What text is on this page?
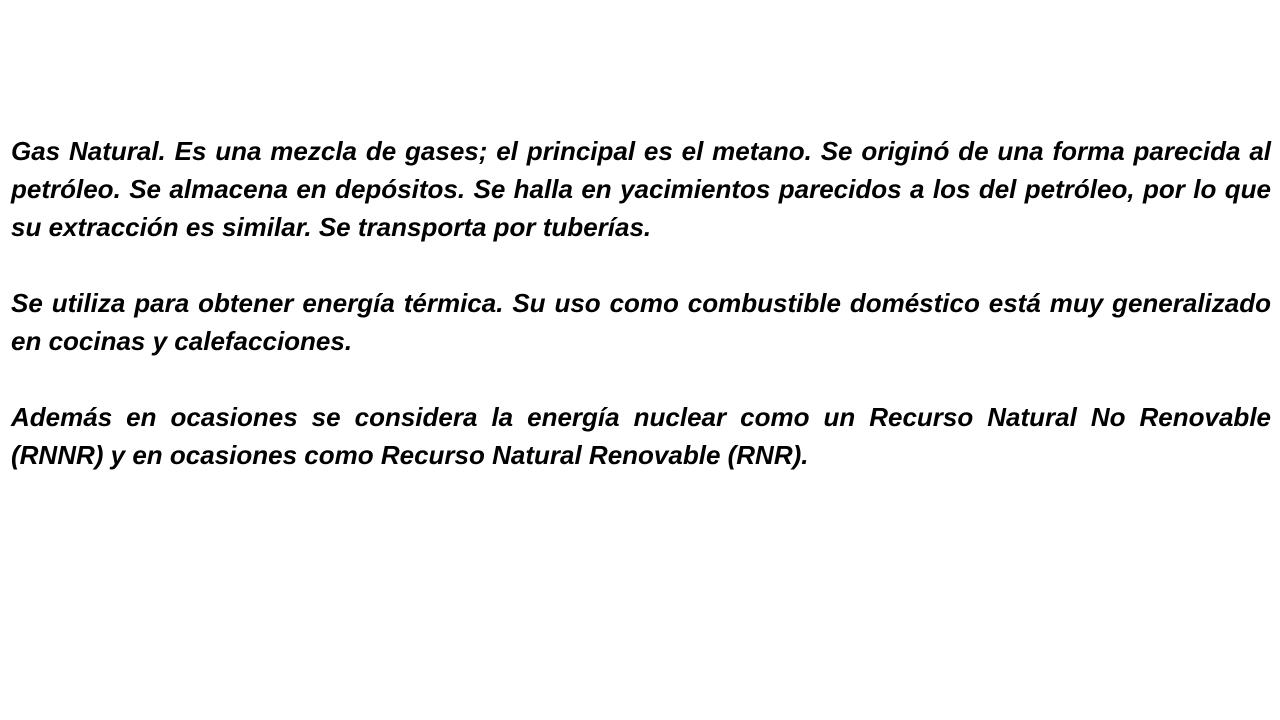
Gas Natural. Es una mezcla de gases; el principal es el metano. Se originó de una forma parecida al petróleo. Se almacena en depósitos. Se halla en yacimientos parecidos a los del petróleo, por lo que su extracción es similar. Se transporta por tuberías.

Se utiliza para obtener energía térmica. Su uso como combustible doméstico está muy generalizado en cocinas y calefacciones.

Además en ocasiones se considera la energía nuclear como un Recurso Natural No Renovable (RNNR) y en ocasiones como Recurso Natural Renovable (RNR).
